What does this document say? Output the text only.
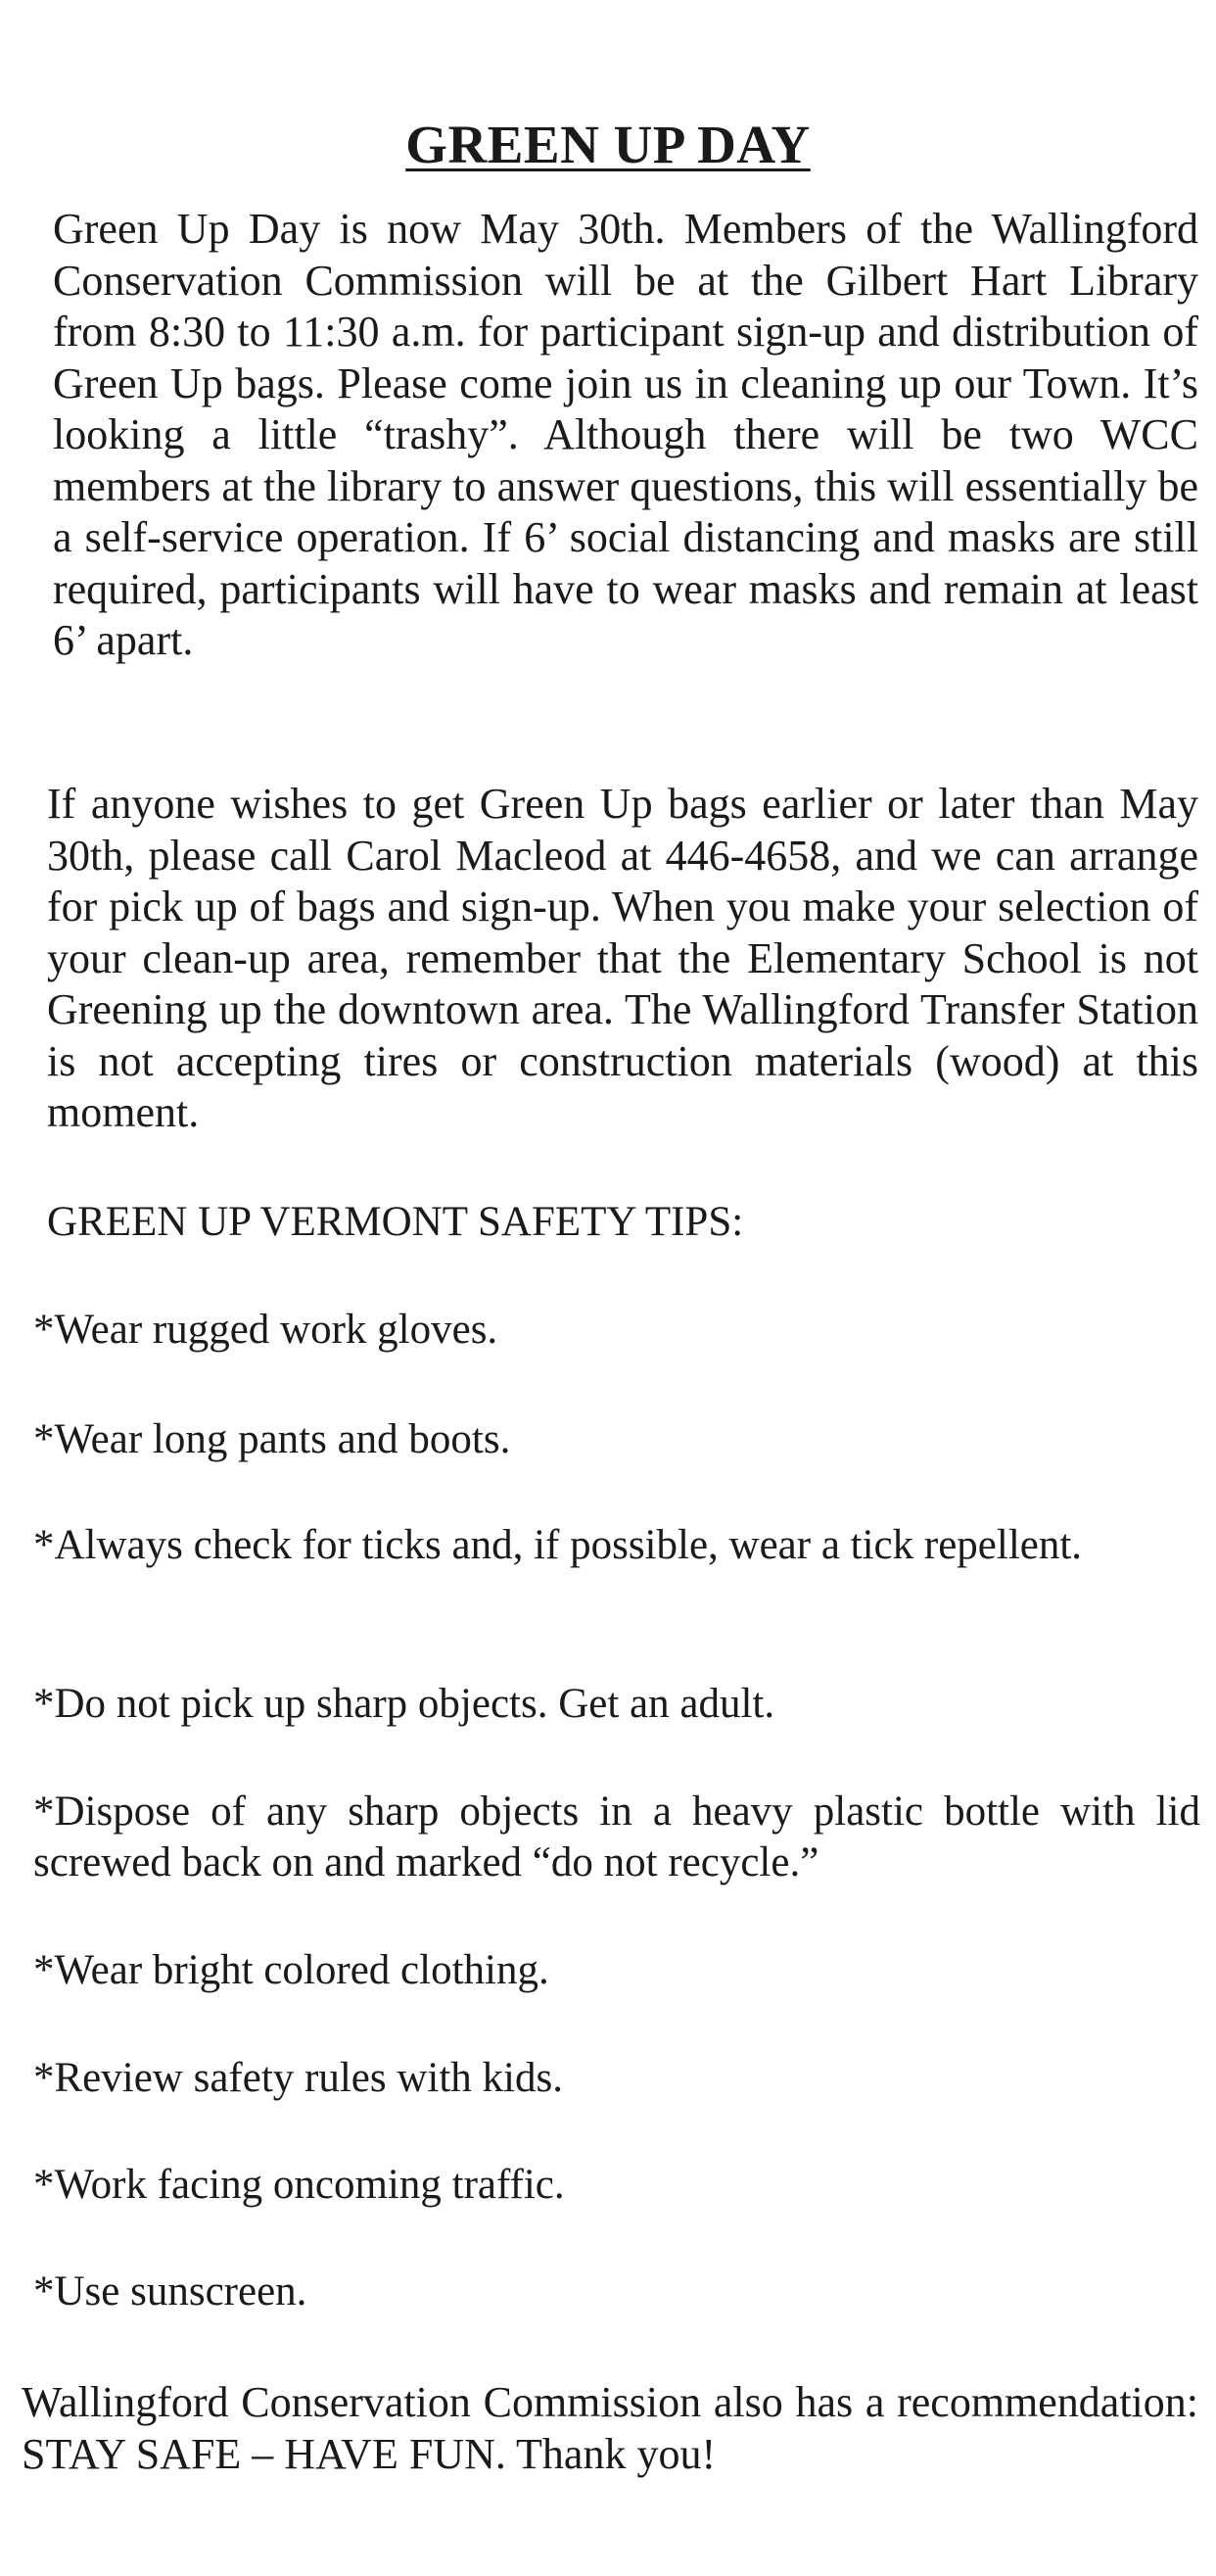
GREEN UP DAY

Green Up Day is now May 30th. Members of the Wallingford Conservation Commission will be at the Gilbert Hart Library from 8:30 to 11:30 a.m. for participant sign-up and distribution of Green Up bags. Please come join us in cleaning up our Town. It’s looking a little “trashy”. Although there will be two WCC members at the library to answer questions, this will essentially be a self-service operation. If 6’ social distancing and masks are still required, participants will have to wear masks and remain at least 6’ apart.

If anyone wishes to get Green Up bags earlier or later than May 30th, please call Carol Macleod at 446-4658, and we can arrange for pick up of bags and sign-up. When you make your selection of your clean-up area, remember that the Elementary School is not Greening up the downtown area. The Wallingford Transfer Station is not accepting tires or construction materials (wood) at this moment.

GREEN UP VERMONT SAFETY TIPS:

*Wear rugged work gloves.
*Wear long pants and boots.
*Always check for ticks and, if possible, wear a tick repellent.
*Do not pick up sharp objects. Get an adult.
*Dispose of any sharp objects in a heavy plastic bottle with lid screwed back on and marked “do not recycle.”
*Wear bright colored clothing.
*Review safety rules with kids.
*Work facing oncoming traffic.
*Use sunscreen.

Wallingford Conservation Commission also has a recommendation: STAY SAFE – HAVE FUN. Thank you!
